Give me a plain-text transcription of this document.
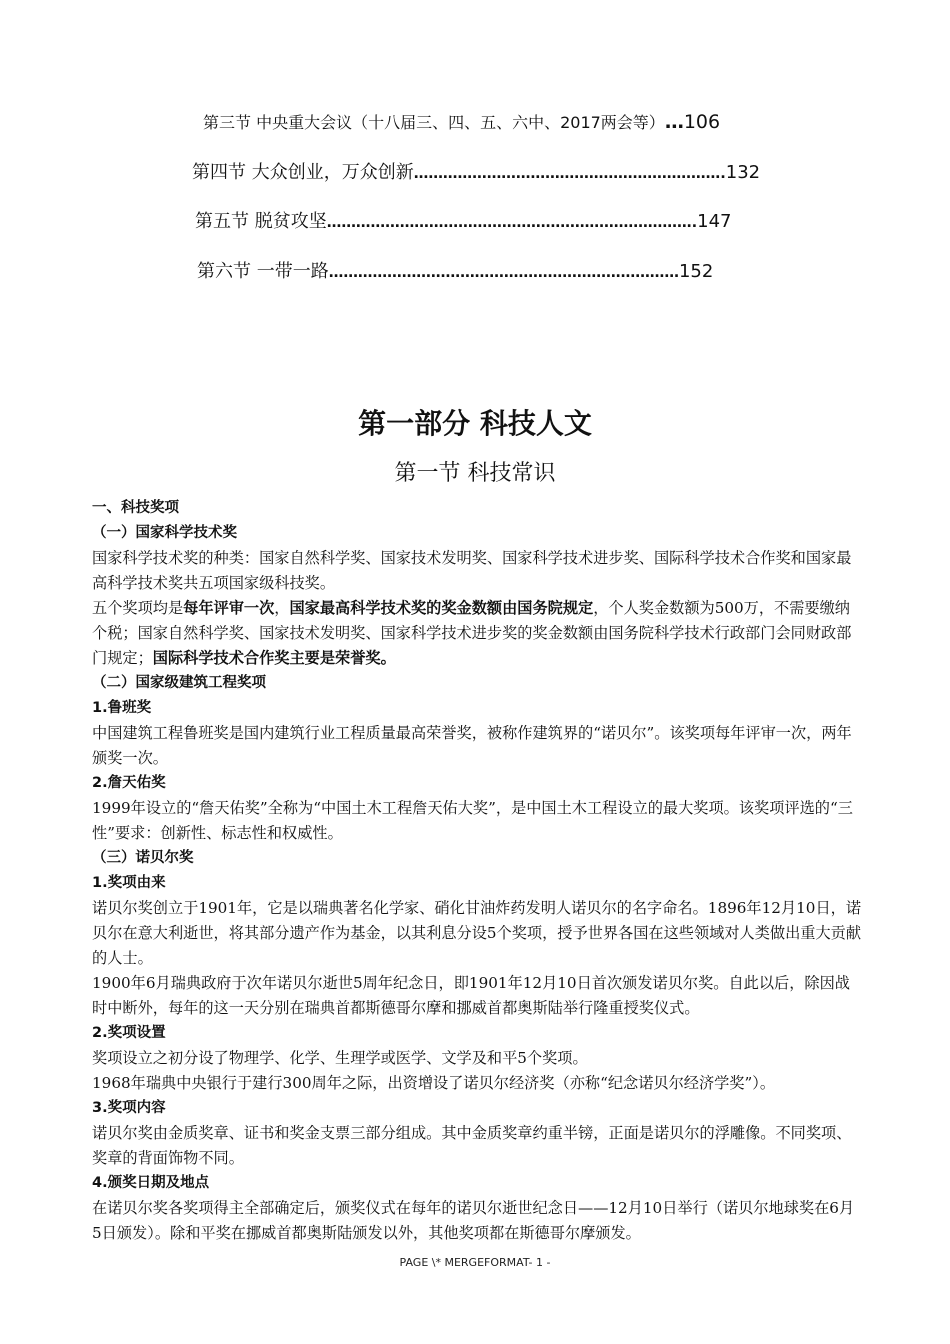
第三节 中央重大会议（十八届三、四、五、六中、2017两会等）…106
第四节 大众创业，万众创新……………………………………………………….132
第五节 脱贫攻坚………………………………………………………………….147
第六节 一带一路………………………………………………………………152
第一部分 科技人文
第一节 科技常识

一、科技奖项

（一）国家科学技术奖

国家科学技术奖的种类：国家自然科学奖、国家技术发明奖、国家科学技术进步奖、国际科学技术合作奖和国家最高科学技术奖共五项国家级科技奖。

五个奖项均是每年评审一次，国家最高科学技术奖的奖金数额由国务院规定，个人奖金数额为500万，不需要缴纳个税；国家自然科学奖、国家技术发明奖、国家科学技术进步奖的奖金数额由国务院科学技术行政部门会同财政部门规定；国际科学技术合作奖主要是荣誉奖。

（二）国家级建筑工程奖项

1.鲁班奖

中国建筑工程鲁班奖是国内建筑行业工程质量最高荣誉奖，被称作建筑界的“诺贝尔”。该奖项每年评审一次，两年颁奖一次。

2.詹天佑奖

1999年设立的“詹天佑奖”全称为“中国土木工程詹天佑大奖”，是中国土木工程设立的最大奖项。该奖项评选的“三性”要求：创新性、标志性和权威性。

（三）诺贝尔奖

1.奖项由来

诺贝尔奖创立于1901年，它是以瑞典著名化学家、硝化甘油炸药发明人诺贝尔的名字命名。1896年12月10日，诺贝尔在意大利逝世，将其部分遗产作为基金，以其利息分设5个奖项，授予世界各国在这些领域对人类做出重大贡献的人士。

1900年6月瑞典政府于次年诺贝尔逝世5周年纪念日，即1901年12月10日首次颁发诺贝尔奖。自此以后，除因战时中断外，每年的这一天分别在瑞典首都斯德哥尔摩和挪威首都奥斯陆举行隆重授奖仪式。

2.奖项设置

奖项设立之初分设了物理学、化学、生理学或医学、文学及和平5个奖项。

1968年瑞典中央银行于建行300周年之际，出资增设了诺贝尔经济奖（亦称“纪念诺贝尔经济学奖”）。

3.奖项内容

诺贝尔奖由金质奖章、证书和奖金支票三部分组成。其中金质奖章约重半镑，正面是诺贝尔的浮雕像。不同奖项、奖章的背面饰物不同。

4.颁奖日期及地点

在诺贝尔奖各奖项得主全部确定后，颁奖仪式在每年的诺贝尔逝世纪念日——12月10日举行（诺贝尔地球奖在6月5日颁发）。除和平奖在挪威首都奥斯陆颁发以外，其他奖项都在斯德哥尔摩颁发。

PAGE \* MERGEFORMAT- 1 -
